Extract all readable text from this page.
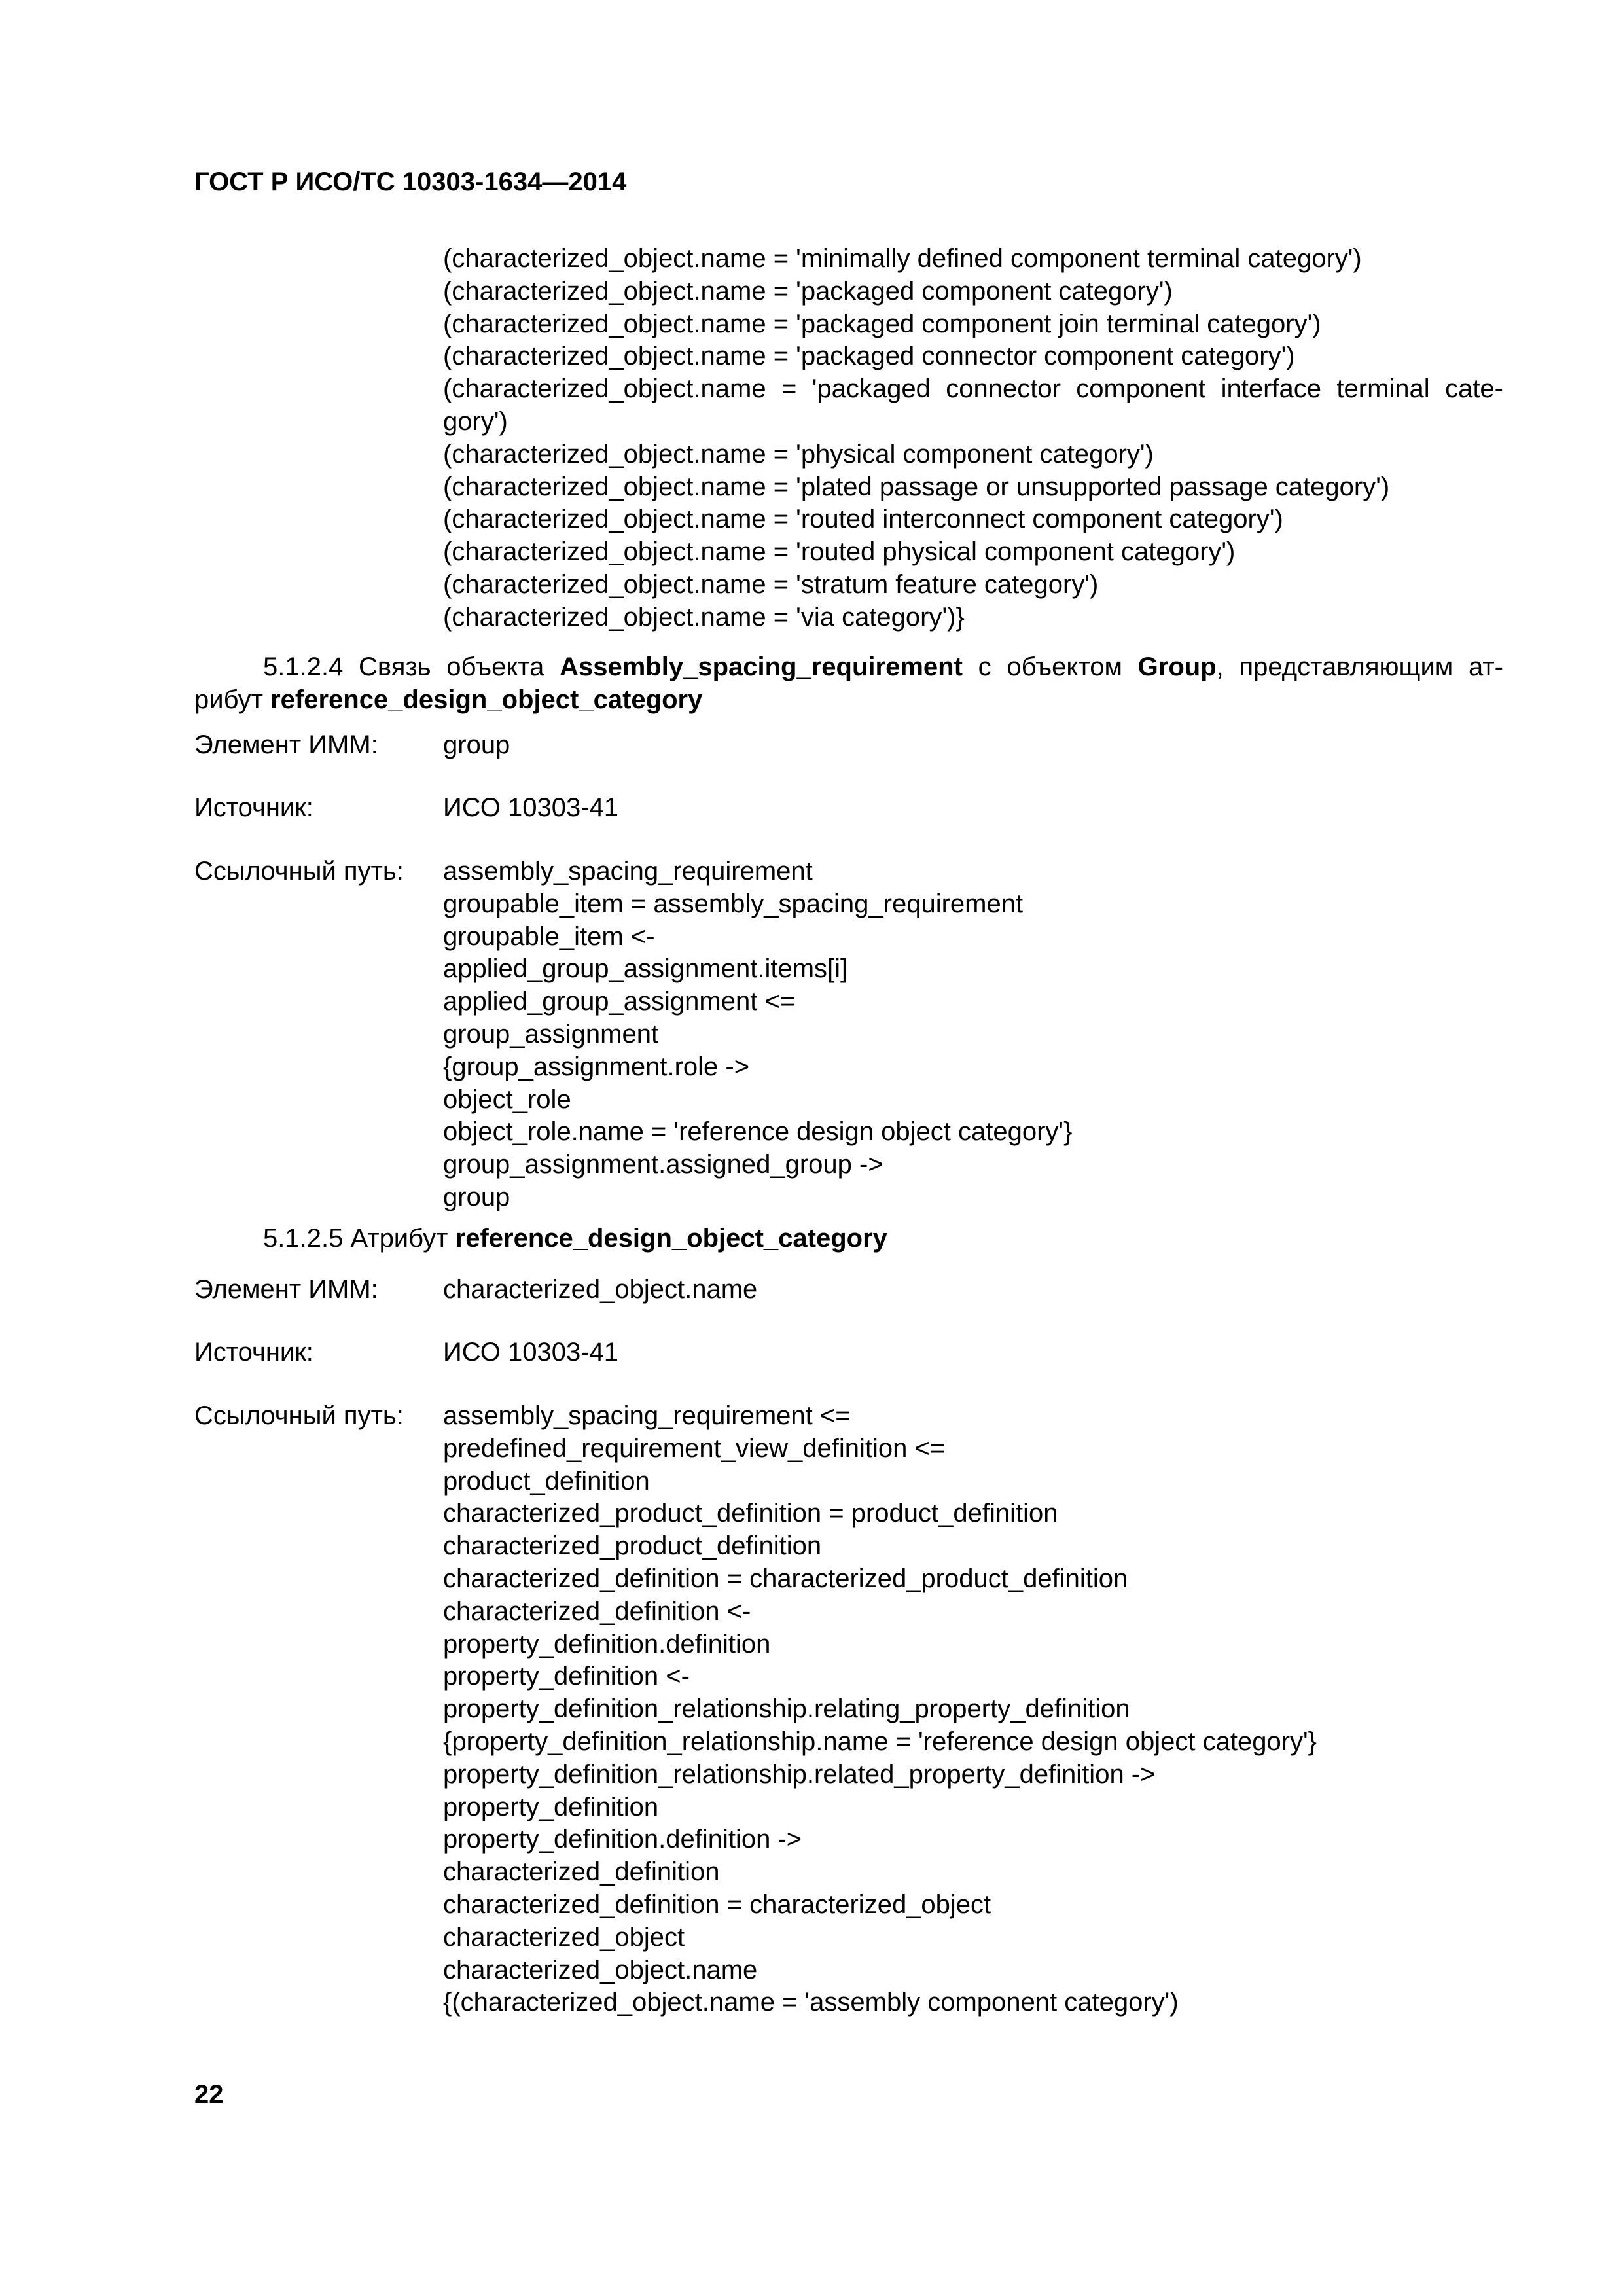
ГОСТ Р ИСО/ТС 10303-1634—2014
(characterized_object.name = 'minimally defined component terminal category')
(characterized_object.name = 'packaged component category')
(characterized_object.name = 'packaged component join terminal category')
(characterized_object.name = 'packaged connector component category')
(characterized_object.name = 'packaged connector component interface terminal cate-
gory')
(characterized_object.name = 'physical component category')
(characterized_object.name = 'plated passage or unsupported passage category')
(characterized_object.name = 'routed interconnect component category')
(characterized_object.name = 'routed physical component category')
(characterized_object.name = 'stratum feature category')
(characterized_object.name = 'via category')}
5.1.2.4 Связь объекта Assembly_spacing_requirement с объектом Group, представляющим ат-
рибут reference_design_object_category
Элемент ИММ: group
Источник:	ИСО 10303-41
Ссылочный путь: assembly_spacing_requirement
groupable_item = assembly_spacing_requirement
groupable_item <-
applied_group_assignment.items[i]
applied_group_assignment <=
group_assignment
{group_assignment.role ->
object_role
object_role.name = 'reference design object category'}
group_assignment.assigned_group ->
group
5.1.2.5 Атрибут reference_design_object_category
Элемент ИММ: characterized_object.name
Источник:	ИСО 10303-41
Ссылочный путь: assembly_spacing_requirement <=
predefined_requirement_view_definition <=
product_definition
characterized_product_definition = product_definition
characterized_product_definition
characterized_definition = characterized_product_definition
characterized_definition <-
property_definition.definition
property_definition <-
property_definition_relationship.relating_property_definition
{property_definition_relationship.name = 'reference design object category'}
property_definition_relationship.related_property_definition ->
property_definition
property_definition.definition ->
characterized_definition
characterized_definition = characterized_object
characterized_object
characterized_object.name
{(characterized_object.name = 'assembly component category')
22
